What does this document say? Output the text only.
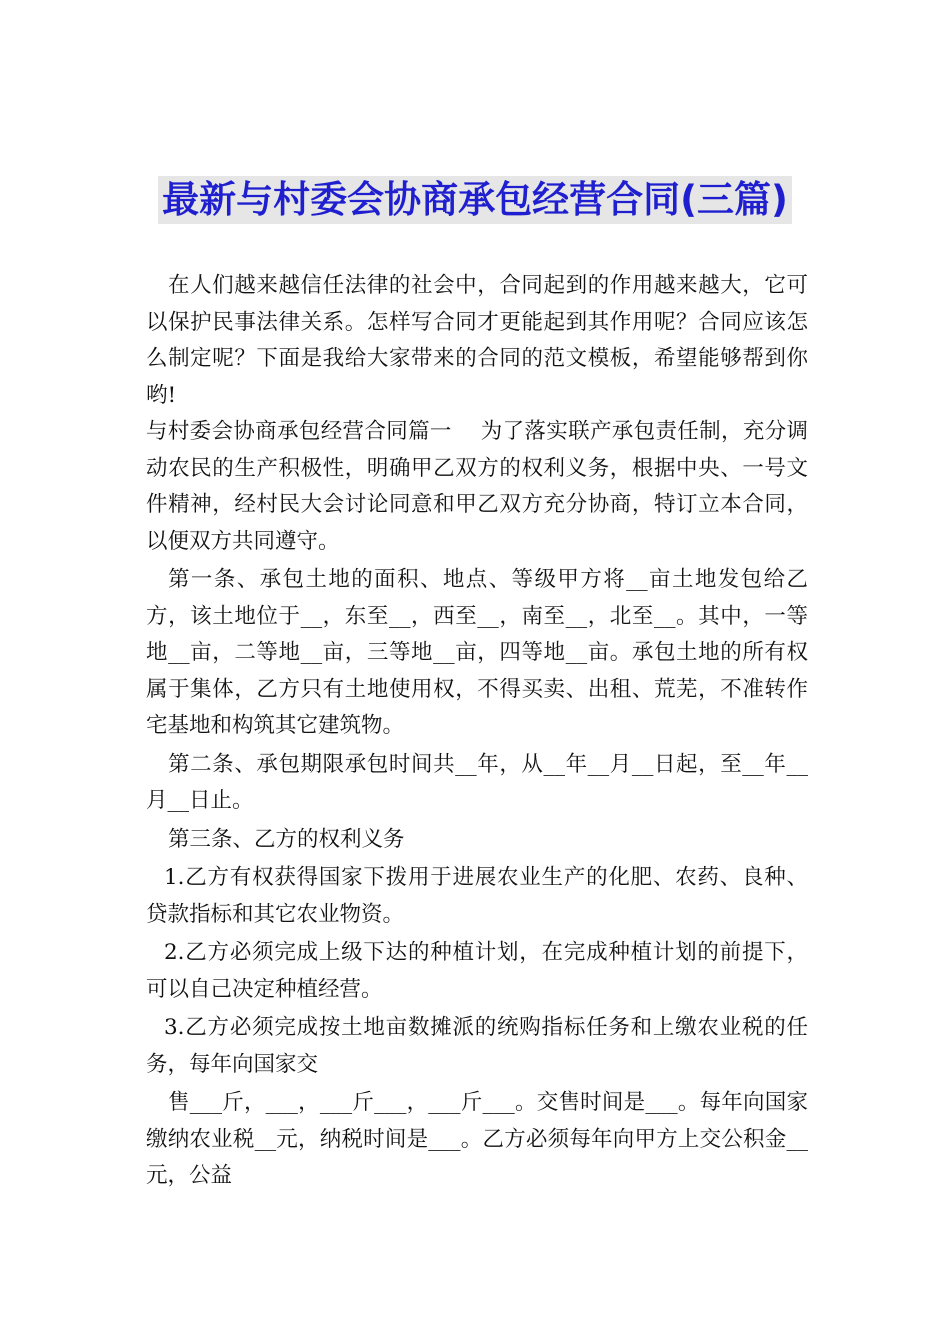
最新与村委会协商承包经营合同(三篇)

在人们越来越信任法律的社会中，合同起到的作用越来越大，它可以保护民事法律关系。怎样写合同才更能起到其作用呢？合同应该怎么制定呢？下面是我给大家带来的合同的范文模板，希望能够帮到你哟!

与村委会协商承包经营合同篇一　 为了落实联产承包责任制，充分调动农民的生产积极性，明确甲乙双方的权利义务，根据中央、一号文件精神，经村民大会讨论同意和甲乙双方充分协商，特订立本合同，以便双方共同遵守。

第一条、承包土地的面积、地点、等级甲方将__亩土地发包给乙方，该土地位于__，东至__，西至__，南至__，北至__。其中，一等地__亩，二等地__亩，三等地__亩，四等地__亩。承包土地的所有权属于集体，乙方只有土地使用权，不得买卖、出租、荒芜，不准转作宅基地和构筑其它建筑物。

第二条、承包期限承包时间共__年，从__年__月__日起，至__年__月__日止。

第三条、乙方的权利义务

1.乙方有权获得国家下拨用于进展农业生产的化肥、农药、良种、贷款指标和其它农业物资。

2.乙方必须完成上级下达的种植计划，在完成种植计划的前提下，可以自己决定种植经营。

3.乙方必须完成按土地亩数摊派的统购指标任务和上缴农业税的任务，每年向国家交

售___斤，___，___斤___，___斤___。交售时间是___。每年向国家缴纳农业税__元，纳税时间是___。乙方必须每年向甲方上交公积金__元，公益
